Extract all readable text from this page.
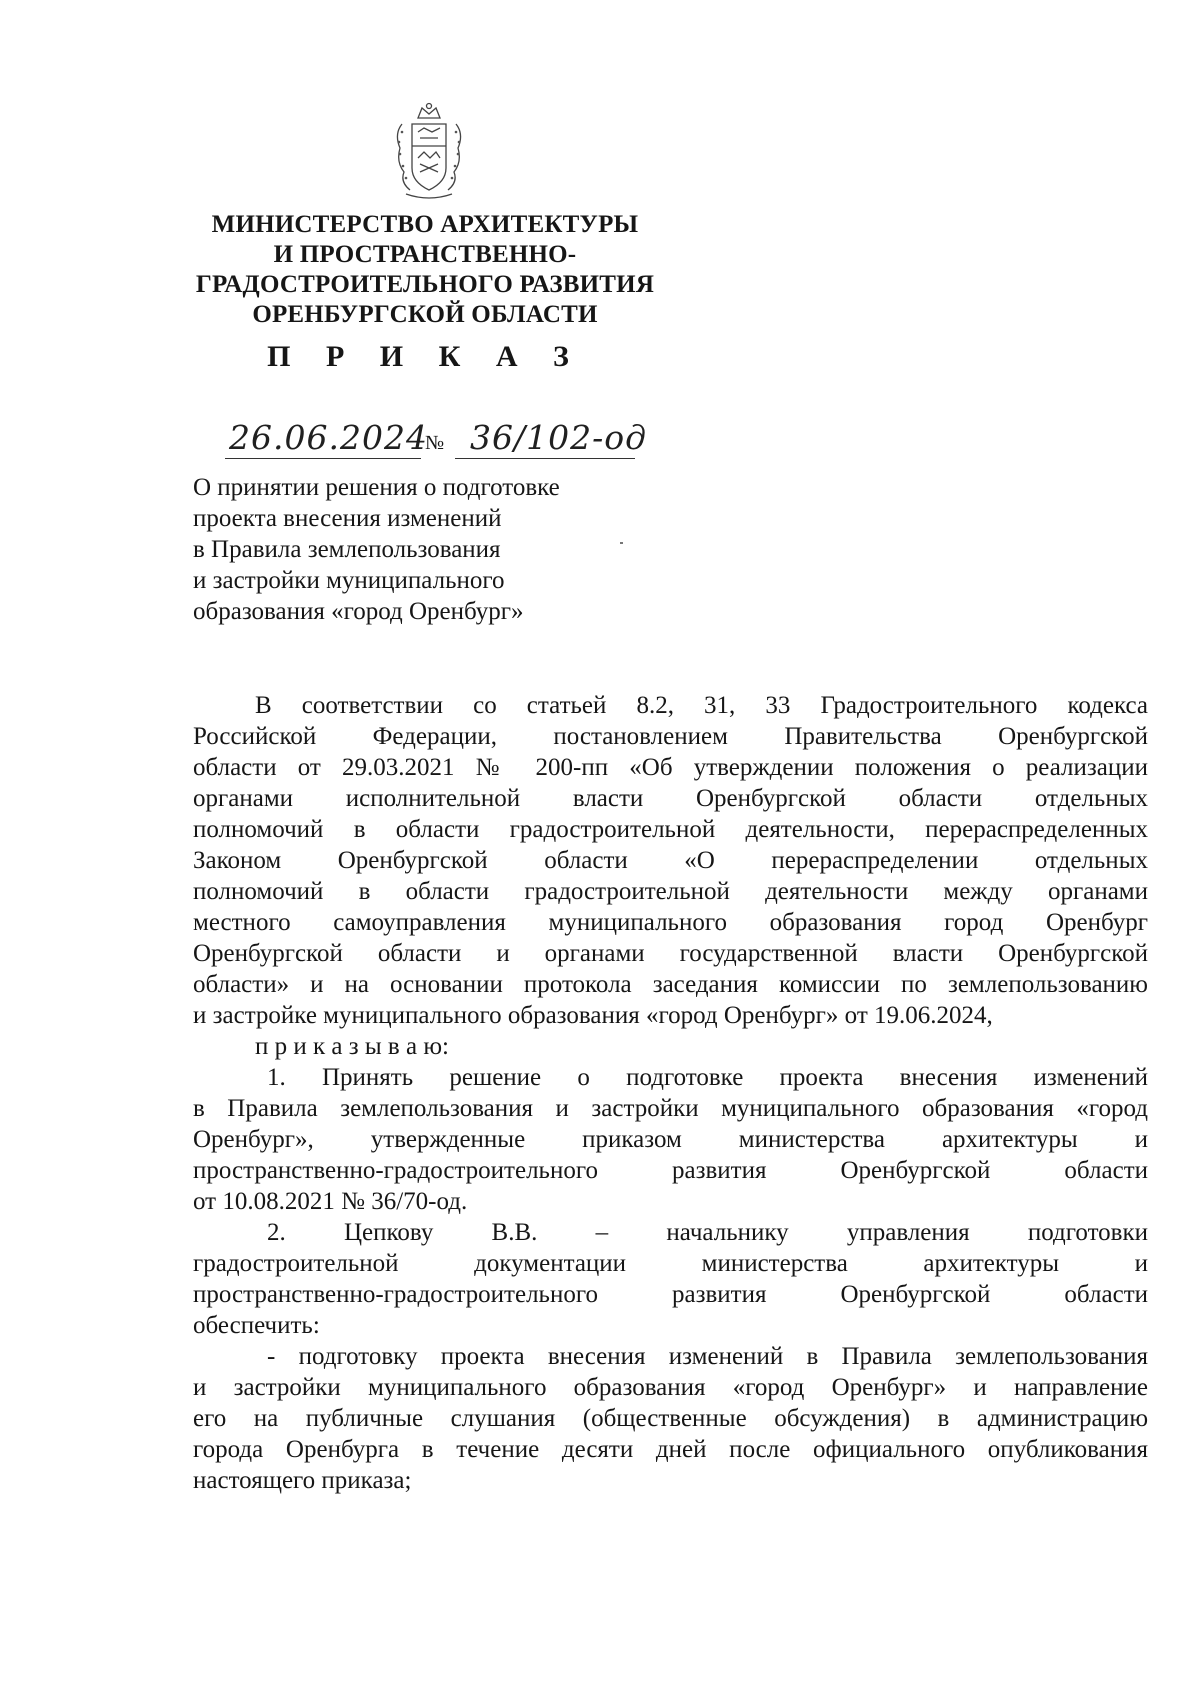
МИНИСТЕРСТВО АРХИТЕКТУРЫ
И ПРОСТРАНСТВЕННО-
ГРАДОСТРОИТЕЛЬНОГО РАЗВИТИЯ
ОРЕНБУРГСКОЙ ОБЛАСТИ
П Р И К А З
26.06.2024
№ 36/102-од
О принятии решения о подготовке
проекта внесения изменений
в Правила землепользования
и застройки муниципального
образования «город Оренбург»
В соответствии со статьей 8.2, 31, 33 Градостроительного кодекса
Российской Федерации, постановлением Правительства Оренбургской
области от 29.03.2021 № 200-пп «Об утверждении положения о реализации
органами исполнительной власти Оренбургской области отдельных
полномочий в области градостроительной деятельности, перераспределенных
Законом Оренбургской области «О перераспределении отдельных
полномочий в области градостроительной деятельности между органами
местного самоуправления муниципального образования город Оренбург
Оренбургской области и органами государственной власти Оренбургской
области» и на основании протокола заседания комиссии по землепользованию
и застройке муниципального образования «город Оренбург» от 19.06.2024,
п р и к а з ы в а ю:
1. Принять решение о подготовке проекта внесения изменений
в Правила землепользования и застройки муниципального образования «город
Оренбург», утвержденные приказом министерства архитектуры и
пространственно-градостроительного развития Оренбургской области
от 10.08.2021 № 36/70-од.
2. Цепкову В.В. – начальнику управления подготовки
градостроительной документации министерства архитектуры и
пространственно-градостроительного развития Оренбургской области
обеспечить:
- подготовку проекта внесения изменений в Правила землепользования
и застройки муниципального образования «город Оренбург» и направление
его на публичные слушания (общественные обсуждения) в администрацию
города Оренбурга в течение десяти дней после официального опубликования
настоящего приказа;
